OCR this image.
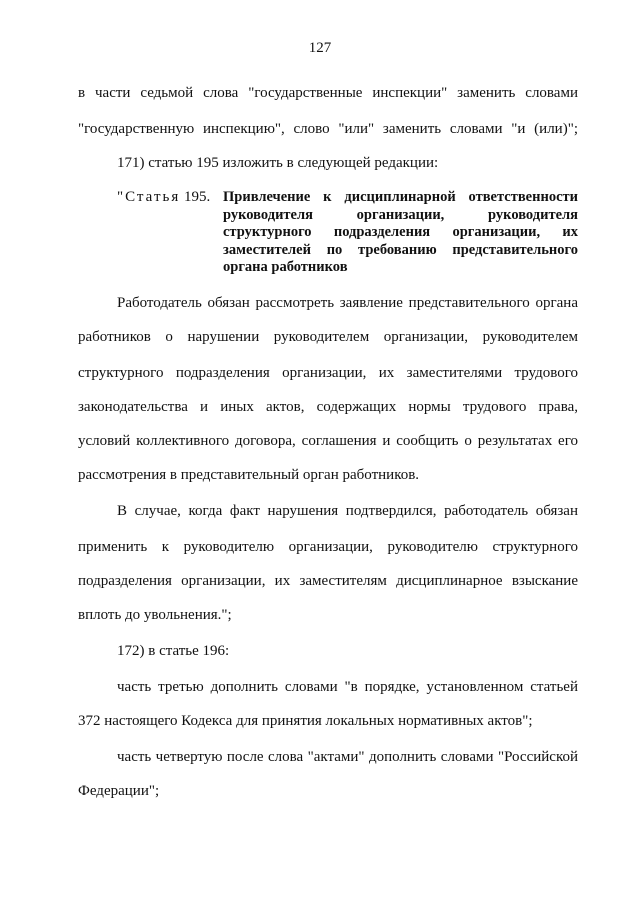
127
в части седьмой слова "государственные инспекции" заменить словами
"государственную инспекцию", слово "или" заменить словами "и (или)";
171) статью 195 изложить в следующей редакции:
"Статья 195. Привлечение к дисциплинарной ответственности руководителя организации, руководителя структурного подразделения организации, их заместителей по требованию представительного органа работников
Работодатель обязан рассмотреть заявление представительного органа
работников о нарушении руководителем организации, руководителем
структурного подразделения организации, их заместителями трудового
законодательства и иных актов, содержащих нормы трудового права,
условий коллективного договора, соглашения и сообщить о результатах его
рассмотрения в представительный орган работников.
В случае, когда факт нарушения подтвердился, работодатель обязан
применить к руководителю организации, руководителю структурного
подразделения организации, их заместителям дисциплинарное взыскание
вплоть до увольнения.";
172) в статье 196:
часть третью дополнить словами "в порядке, установленном статьей
372 настоящего Кодекса для принятия локальных нормативных актов";
часть четвертую после слова "актами" дополнить словами "Российской
Федерации";
